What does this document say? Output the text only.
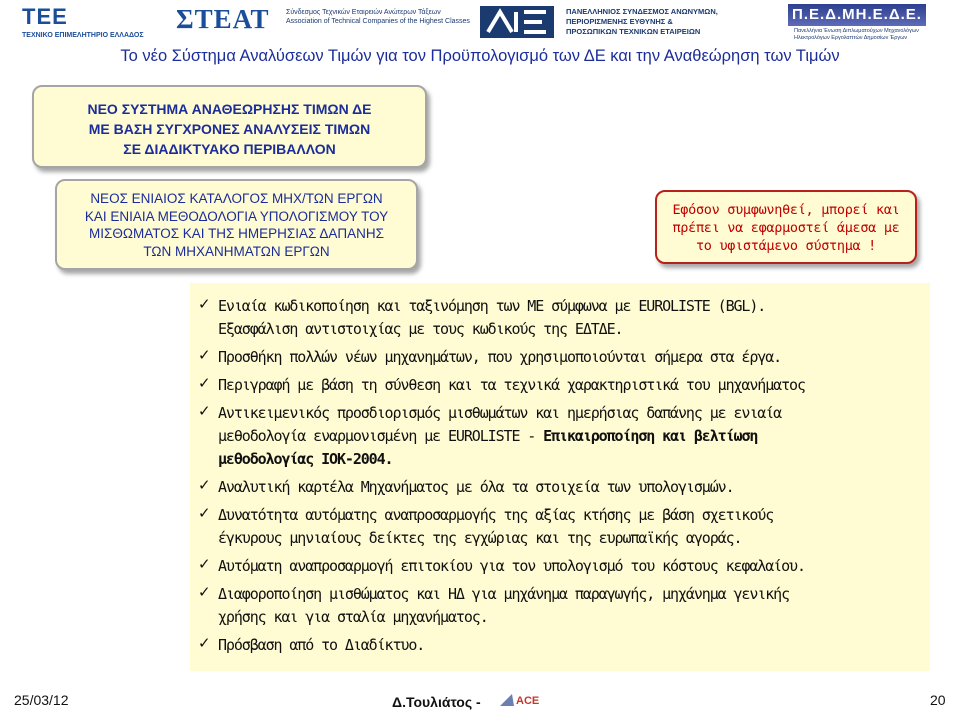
TEE
ΤΕΧΝΙΚΟ ΕΠΙΜΕΛΗΤΗΡΙΟ ΕΛΛΑΔΟΣ
ΣΤΕΑΤ Σύνδεσμος Τεχνικών Εταιρειών Ανώτερων Τάξεων
Association of Technical Companies of the Highest Classes
ΠΑΝΕΛΛΗΝΙΟΣ ΣΥΝΔΕΣΜΟΣ ΑΝΩΝΥΜΩΝ,
ΠΕΡΙΟΡΙΣΜΕΝΗΣ ΕΥΘΥΝΗΣ &
ΠΡΟΣΩΠΙΚΩΝ ΤΕΧΝΙΚΩΝ ΕΤΑΙΡΕΙΩΝ
Π.Ε.Δ.ΜΗ.Ε.Δ.Ε.
Πανελλήνια Ένωση Διπλωματούχων Μηχανολόγων
Ηλεκτρολόγων Εργολαπτών Δημοσίων Έργων
Το νέο Σύστημα Αναλύσεων Τιμών για τον Προϋπολογισμό των ΔΕ και την Αναθεώρηση των Τιμών
ΝΕΟ ΣΥΣΤΗΜΑ ΑΝΑΘΕΩΡΗΣΗΣ ΤΙΜΩΝ ΔΕ
ΜΕ ΒΑΣΗ ΣΥΓΧΡΟΝΕΣ ΑΝΑΛΥΣΕΙΣ ΤΙΜΩΝ
ΣΕ ΔΙΑΔΙΚΤΥΑΚΟ ΠΕΡΙΒΑΛΛΟΝ
ΝΕΟΣ ΕΝΙΑΙΟΣ ΚΑΤΑΛΟΓΟΣ ΜΗΧ/ΤΩΝ ΕΡΓΩΝ
ΚΑΙ ΕΝΙΑΙΑ ΜΕΘΟΔΟΛΟΓΙΑ ΥΠΟΛΟΓΙΣΜΟΥ ΤΟΥ
ΜΙΣΘΩΜΑΤΟΣ ΚΑΙ ΤΗΣ ΗΜΕΡΗΣΙΑΣ ΔΑΠΑΝΗΣ
ΤΩΝ ΜΗΧΑΝΗΜΑΤΩΝ ΕΡΓΩΝ
Εφόσον συμφωνηθεί, μπορεί και
πρέπει να εφαρμοστεί άμεσα με
το υφιστάμενο σύστημα !
✓ Ενιαία κωδικοποίηση και ταξινόμηση των ΜΕ σύμφωνα με EUROLISTE (BGL).
Εξασφάλιση αντιστοιχίας με τους κωδικούς της ΕΔΤΔΕ.
✓ Προσθήκη πολλών νέων μηχανημάτων, που χρησιμοποιούνται σήμερα στα έργα.
✓ Περιγραφή με βάση τη σύνθεση και τα τεχνικά χαρακτηριστικά του μηχανήματος
✓ Αντικειμενικός προσδιορισμός μισθωμάτων και ημερήσιας δαπάνης με ενιαία
μεθοδολογία εναρμονισμένη με EUROLISTE - Επικαιροποίηση και βελτίωση
μεθοδολογίας ΙΟΚ-2004.
✓ Αναλυτική καρτέλα Μηχανήματος με όλα τα στοιχεία των υπολογισμών.
✓ Δυνατότητα αυτόματης αναπροσαρμογής της αξίας κτήσης με βάση σχετικούς
έγκυρους μηνιαίους δείκτες της εγχώριας και της ευρωπαϊκής αγοράς.
✓ Αυτόματη αναπροσαρμογή επιτοκίου για τον υπολογισμό του κόστους κεφαλαίου.
✓ Διαφοροποίηση μισθώματος και ΗΔ για μηχάνημα παραγωγής, μηχάνημα γενικής
χρήσης και για σταλία μηχανήματος.
✓ Πρόσβαση από το Διαδίκτυο.
25/03/12	Δ.Τουλιάτος -	ACE	20
